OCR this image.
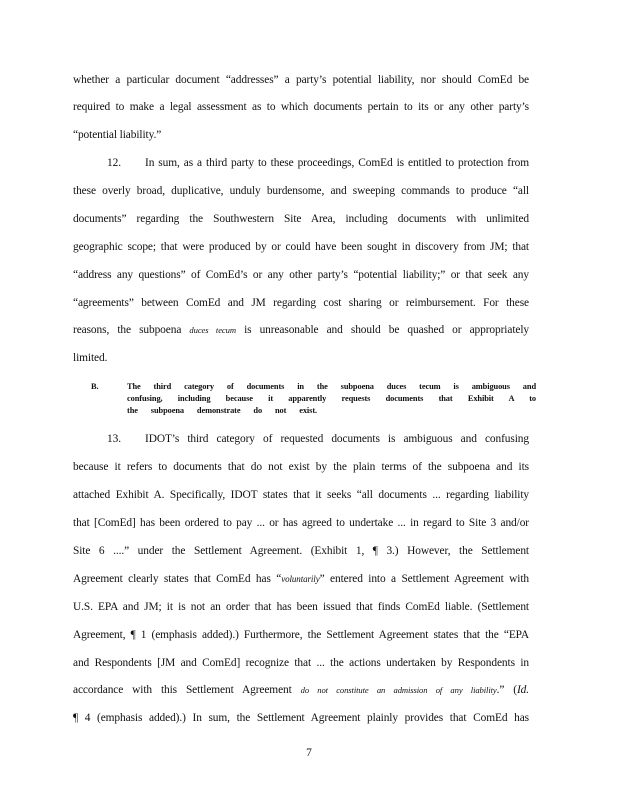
whether a particular document “addresses” a party’s potential liability, nor should ComEd be
required to make a legal assessment as to which documents pertain to its or any other party’s
“potential liability.”
12. In sum, as a third party to these proceedings, ComEd is entitled to protection from
these overly broad, duplicative, unduly burdensome, and sweeping commands to produce “all
documents” regarding the Southwestern Site Area, including documents with unlimited
geographic scope; that were produced by or could have been sought in discovery from JM; that
“address any questions” of ComEd’s or any other party’s “potential liability;” or that seek any
“agreements” between ComEd and JM regarding cost sharing or reimbursement. For these
reasons, the subpoena duces tecum is unreasonable and should be quashed or appropriately
limited.
B.	The third category of documents in the subpoena duces tecum is ambiguous and
confusing, including because it apparently requests documents that Exhibit A to
the subpoena demonstrate do not exist.
13. IDOT’s third category of requested documents is ambiguous and confusing
because it refers to documents that do not exist by the plain terms of the subpoena and its
attached Exhibit A. Specifically, IDOT states that it seeks “all documents ... regarding liability
that [ComEd] has been ordered to pay ... or has agreed to undertake ... in regard to Site 3 and/or
Site 6 ....” under the Settlement Agreement. (Exhibit 1, ¶ 3.) However, the Settlement
Agreement clearly states that ComEd has “voluntarily” entered into a Settlement Agreement with
U.S. EPA and JM; it is not an order that has been issued that finds ComEd liable. (Settlement
Agreement, ¶ 1 (emphasis added).) Furthermore, the Settlement Agreement states that the “EPA
and Respondents [JM and ComEd] recognize that ... the actions undertaken by Respondents in
accordance with this Settlement Agreement do not constitute an admission of any liability.” (Id.
¶ 4 (emphasis added).) In sum, the Settlement Agreement plainly provides that ComEd has
7
